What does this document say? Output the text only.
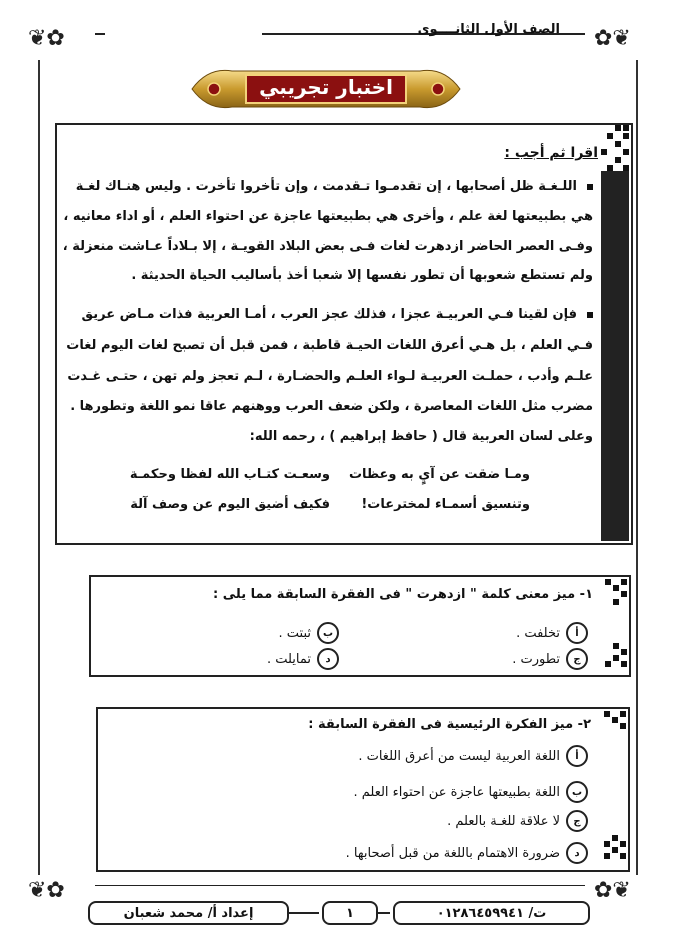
الصف الأول الثانــــوى
❦✿	✿❦
اختبار تجريبي
اقرا ثم أجب :
اللـغـة ظل أصحابها ، إن تقدمـوا تـقدمت ، وإن تأخروا تأخرت . وليس هنـاك لغـة
هي بطبيعتها لغة علم ، وأخرى هي بطبيعتها عاجزة عن احتواء العلم ، أو اداء معانيه ،
وفـى العصر الحاضر ازدهرت لغات فـى بعض البلاد القويـة ، إلا بـلاداً عـاشت منعزلة ،
ولم تستطع شعوبها أن تطور نفسها إلا شعبا أخذ بأساليب الحياة الحديثة .
فإن لقينا فـي العربيـة عجزا ، فذلك عجز العرب ، أمـا العربية فذات مـاض عريق
فـي العلم ، بل هـي أعرق اللغات الحيـة قاطبة ، فمن قبل أن تصبح لغات اليوم لغات
علـم وأدب ، حملـت العربيـة لـواء العلـم والحضـارة ، لـم تعجز ولم تهن ، حتـى غـدت
مضرب مثل اللغات المعاصرة ، ولكن ضعف العرب ووهنهم عاقا نمو اللغة وتطورها .
وعلى لسان العربية قال ( حافظ إبراهيم ) ، رحمه الله:
وسعـت كتـاب الله لفظا وحكمـة ومـا ضقت عن آيٍ به وعظات
فكيف أضيق اليوم عن وصف آلة وتنسيق أسمـاء لمخترعات!
١- ميز معنى كلمة " ازدهرت " فى الفقرة السابقة مما يلى :
أ
تخلفت .
ب
ثبتت .
ج
تطورت .
د
تمايلت .
٢- ميز الفكرة الرئيسية فى الفقرة السابقة :
أ
اللغة العربية ليست من أعرق اللغات .
ب
اللغة بطبيعتها عاجزة عن احتواء العلم .
ج
لا علاقة للغـة بالعلم .
د
ضرورة الاهتمام باللغة من قبل أصحابها .
❦✿	✿❦
إعداد أ/ محمد شعبان	١	ت/ ٠١٢٨٦٤٥٩٩٤١
